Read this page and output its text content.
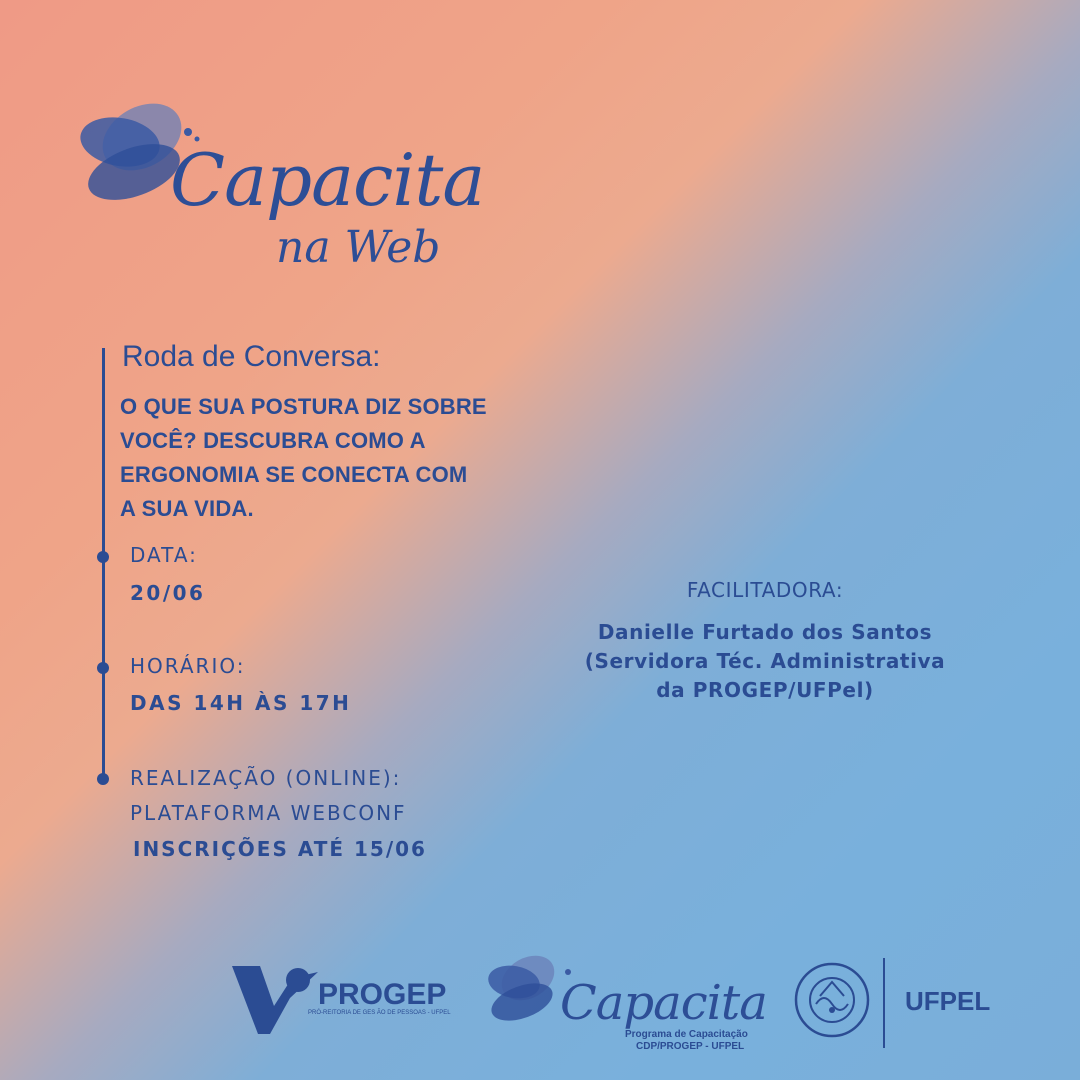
Capacita
na Web
Roda de Conversa:
O QUE SUA POSTURA DIZ SOBRE
VOCÊ? DESCUBRA COMO A
ERGONOMIA SE CONECTA COM
A SUA VIDA.
DATA:
20/06
HORÁRIO:
DAS 14H ÀS 17H
REALIZAÇÃO (ONLINE):
PLATAFORMA WEBCONF
INSCRIÇÕES ATÉ 15/06
FACILITADORA:
Danielle Furtado dos Santos
(Servidora Téc. Administrativa
da PROGEP/UFPel)
PROGEP
PRÓ-REITORIA DE GES ÃO DE PESSOAS - UFPEL Capacita
Programa de Capacitação
CDP/PROGEP - UFPEL
UFPEL
